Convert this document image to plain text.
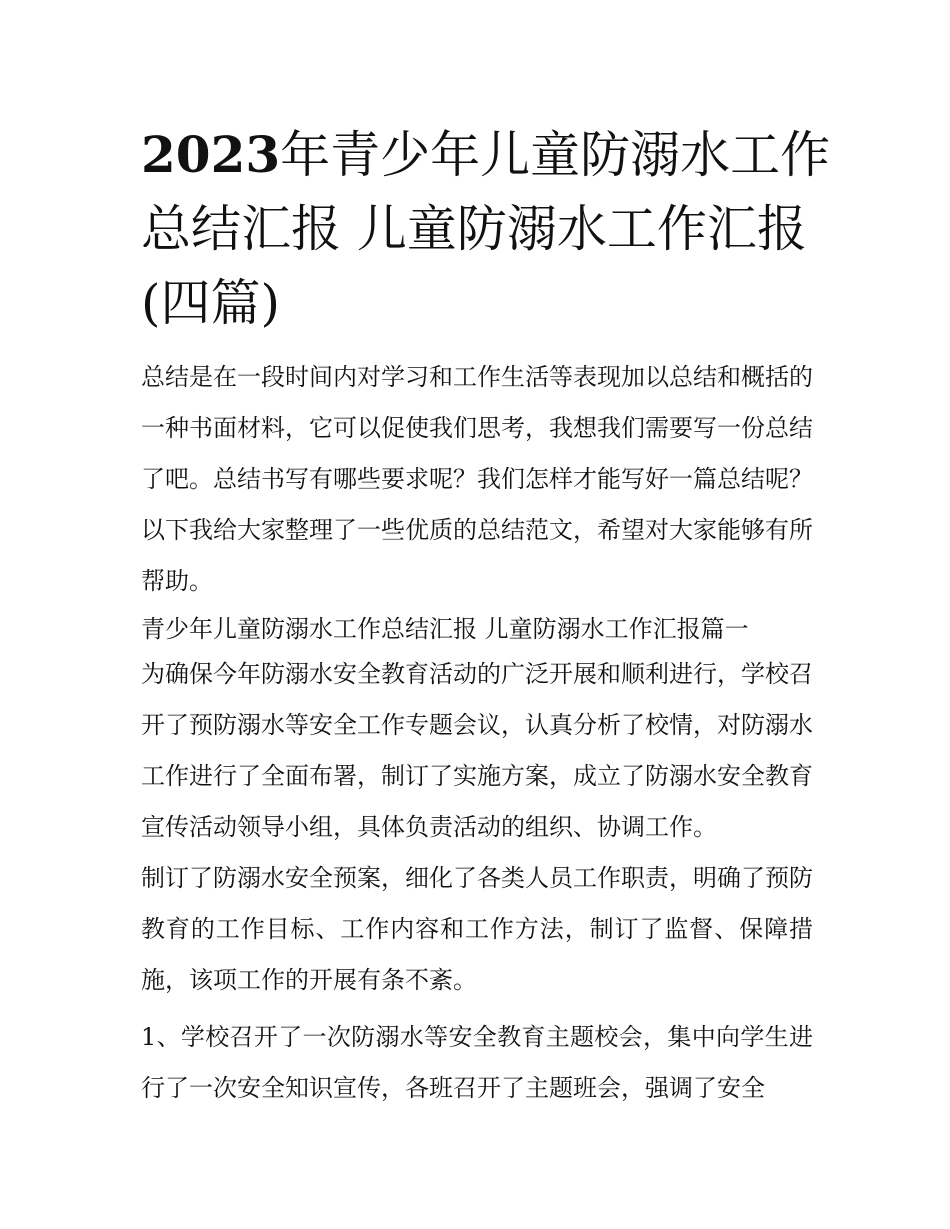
2023年青少年儿童防溺水工作
总结汇报 儿童防溺水工作汇报
(四篇)

总结是在一段时间内对学习和工作生活等表现加以总结和概括的一种书面材料，它可以促使我们思考，我想我们需要写一份总结了吧。总结书写有哪些要求呢？我们怎样才能写好一篇总结呢？以下我给大家整理了一些优质的总结范文，希望对大家能够有所帮助。

青少年儿童防溺水工作总结汇报 儿童防溺水工作汇报篇一

为确保今年防溺水安全教育活动的广泛开展和顺利进行，学校召开了预防溺水等安全工作专题会议，认真分析了校情，对防溺水工作进行了全面布署，制订了实施方案，成立了防溺水安全教育宣传活动领导小组，具体负责活动的组织、协调工作。

制订了防溺水安全预案，细化了各类人员工作职责，明确了预防教育的工作目标、工作内容和工作方法，制订了监督、保障措施，该项工作的开展有条不紊。

1、学校召开了一次防溺水等安全教育主题校会，集中向学生进行了一次安全知识宣传，各班召开了主题班会，强调了安全
